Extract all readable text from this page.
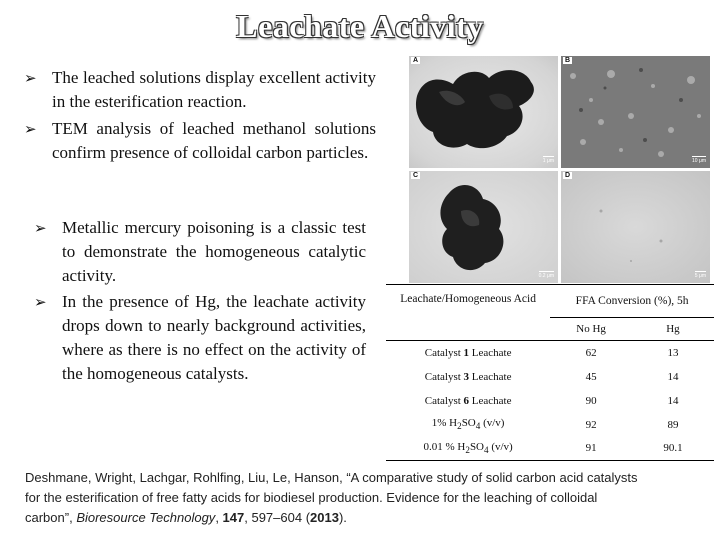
Leachate Activity
➢ The leached solutions display excellent activity in the esterification reaction.
➢ TEM analysis of leached methanol solutions confirm presence of colloidal carbon particles.
➢ Metallic mercury poisoning is a classic test to demonstrate the homogeneous catalytic activity.
➢ In the presence of Hg, the leachate activity drops down to nearly background activities, where as there is no effect on the activity of the homogeneous catalysts.
A
1 μm
B
10 μm
C
0.2 μm
D
5 μm
Leachate/Homogeneous Acid	FFA Conversion (%), 5h	
	No Hg	Hg
Catalyst 1 Leachate	62	13
Catalyst 3 Leachate	45	14
Catalyst 6 Leachate	90	14
1% $H_2SO_4$ (v/v)	92	89
0.01 % $H_2SO_4$ (v/v)	91	90.1
Deshmane, Wright, Lachgar, Rohlfing, Liu, Le, Hanson, “A comparative study of solid carbon acid catalysts
for the esterification of free fatty acids for biodiesel production. Evidence for the leaching of colloidal
carbon”, Bioresource Technology, 147, 597–604 (2013).
